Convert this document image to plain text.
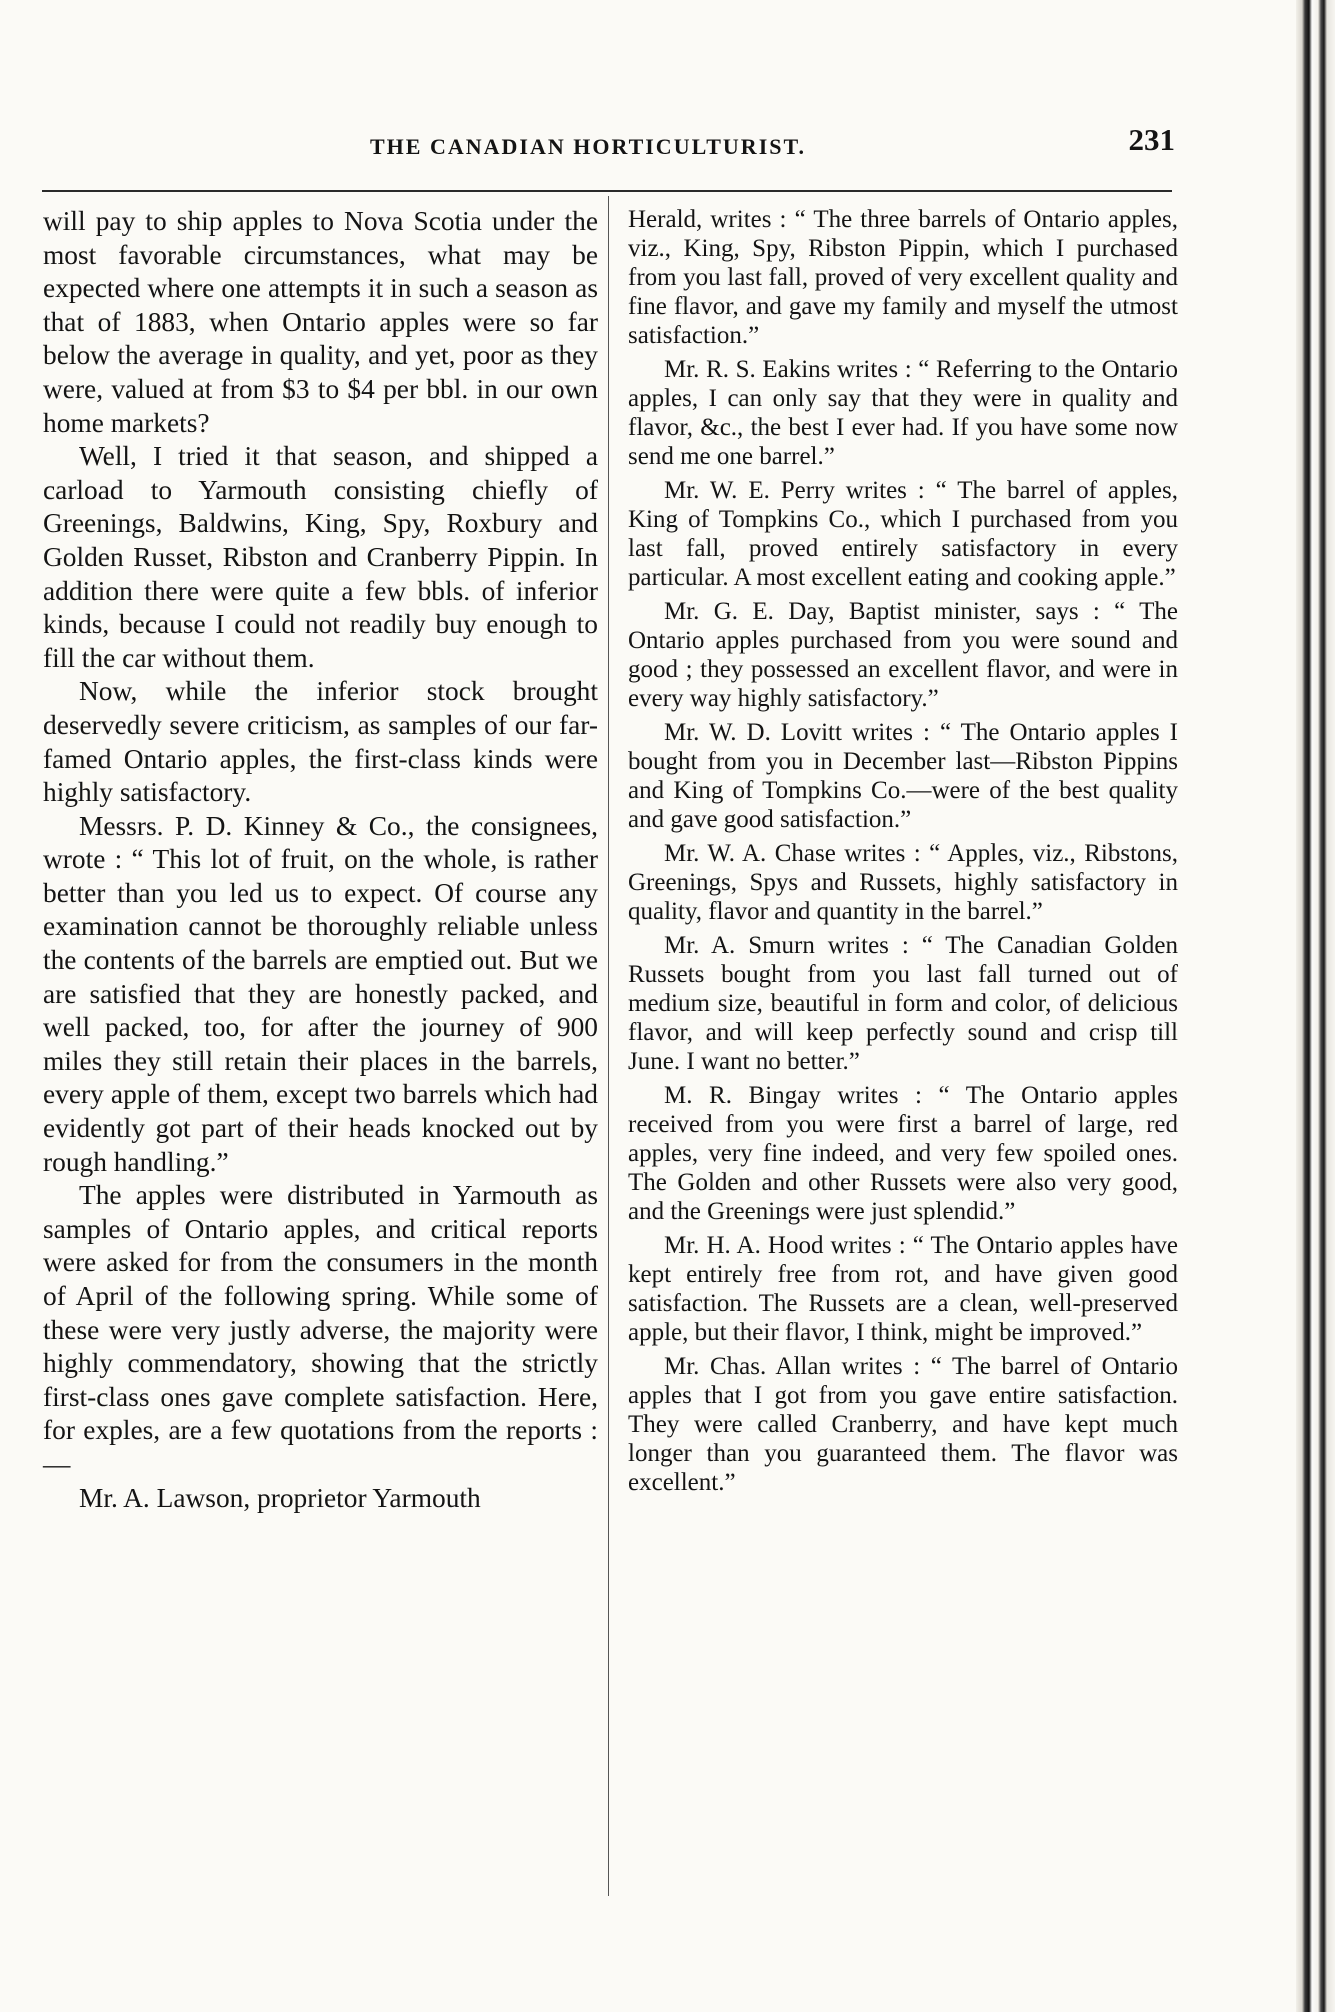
THE CANADIAN HORTICULTURIST.	231

will pay to ship apples to Nova Scotia under the most favorable circumstances, what may be expected where one attempts it in such a season as that of 1883, when Ontario apples were so far below the average in quality, and yet, poor as they were, valued at from $3 to $4 per bbl. in our own home markets?

Well, I tried it that season, and shipped a carload to Yarmouth consisting chiefly of Greenings, Baldwins, King, Spy, Roxbury and Golden Russet, Ribston and Cranberry Pippin. In addition there were quite a few bbls. of inferior kinds, because I could not readily buy enough to fill the car without them.

Now, while the inferior stock brought deservedly severe criticism, as samples of our far-famed Ontario apples, the first-class kinds were highly satisfactory.

Messrs. P. D. Kinney & Co., the consignees, wrote : “ This lot of fruit, on the whole, is rather better than you led us to expect. Of course any examination cannot be thoroughly reliable unless the contents of the barrels are emptied out. But we are satisfied that they are honestly packed, and well packed, too, for after the journey of 900 miles they still retain their places in the barrels, every apple of them, except two barrels which had evidently got part of their heads knocked out by rough handling.”

The apples were distributed in Yarmouth as samples of Ontario apples, and critical reports were asked for from the consumers in the month of April of the following spring. While some of these were very justly adverse, the majority were highly commendatory, showing that the strictly first-class ones gave complete satisfaction. Here, for exples, are a few quotations from the reports :—

Mr. A. Lawson, proprietor Yarmouth

Herald, writes : “ The three barrels of Ontario apples, viz., King, Spy, Ribston Pippin, which I purchased from you last fall, proved of very excellent quality and fine flavor, and gave my family and myself the utmost satisfaction.”

Mr. R. S. Eakins writes : “ Referring to the Ontario apples, I can only say that they were in quality and flavor, &c., the best I ever had. If you have some now send me one barrel.”

Mr. W. E. Perry writes : “ The barrel of apples, King of Tompkins Co., which I purchased from you last fall, proved entirely satisfactory in every particular. A most excellent eating and cooking apple.”

Mr. G. E. Day, Baptist minister, says : “ The Ontario apples purchased from you were sound and good ; they possessed an excellent flavor, and were in every way highly satisfactory.”

Mr. W. D. Lovitt writes : “ The Ontario apples I bought from you in December last—Ribston Pippins and King of Tompkins Co.—were of the best quality and gave good satisfaction.”

Mr. W. A. Chase writes : “ Apples, viz., Ribstons, Greenings, Spys and Russets, highly satisfactory in quality, flavor and quantity in the barrel.”

Mr. A. Smurn writes : “ The Canadian Golden Russets bought from you last fall turned out of medium size, beautiful in form and color, of delicious flavor, and will keep perfectly sound and crisp till June. I want no better.”

M. R. Bingay writes : “ The Ontario apples received from you were first a barrel of large, red apples, very fine indeed, and very few spoiled ones. The Golden and other Russets were also very good, and the Greenings were just splendid.”

Mr. H. A. Hood writes : “ The Ontario apples have kept entirely free from rot, and have given good satisfaction. The Russets are a clean, well-preserved apple, but their flavor, I think, might be improved.”

Mr. Chas. Allan writes : “ The barrel of Ontario apples that I got from you gave entire satisfaction. They were called Cranberry, and have kept much longer than you guaranteed them. The flavor was excellent.”
